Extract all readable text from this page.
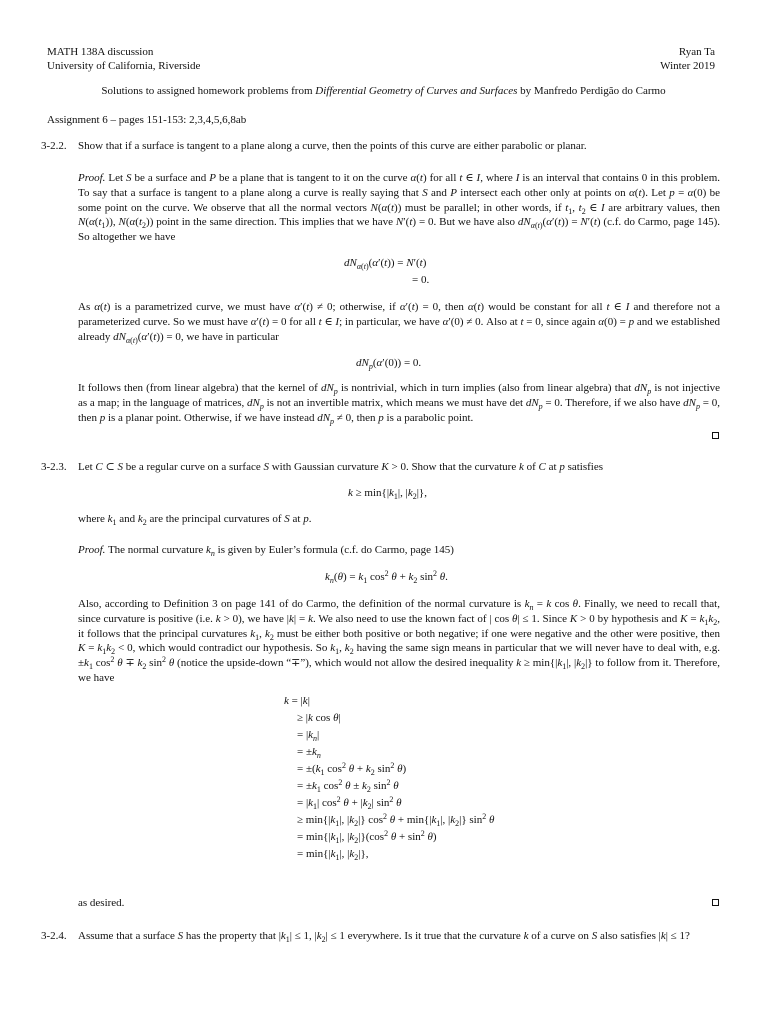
MATH 138A discussion
University of California, Riverside
Ryan Ta
Winter 2019
Solutions to assigned homework problems from Differential Geometry of Curves and Surfaces by Manfredo Perdigão do Carmo
Assignment 6 – pages 151-153: 2,3,4,5,6,8ab
3-2.2. Show that if a surface is tangent to a plane along a curve, then the points of this curve are either parabolic or planar.
Proof. Let S be a surface and P be a plane that is tangent to it on the curve α(t) for all t ∈ I, where I is an interval that contains 0 in this problem. To say that a surface is tangent to a plane along a curve is really saying that S and P intersect each other only at points on α(t). Let p = α(0) be some point on the curve. We observe that all the normal vectors N(α(t)) must be parallel; in other words, if $t_1$, $t_2$ ∈ I are arbitrary values, then $N(\alpha(t_1))$, $N(\alpha(t_2))$ point in the same direction. This implies that we have N′(t) = 0. But we have also $dN_{\alpha(t)}(\alpha'(t)) = N'(t)$ (c.f. do Carmo, page 145). So altogether we have
$dN_{\alpha(t)}(\alpha'(t)) = N'(t)$
= 0.
As α(t) is a parametrized curve, we must have α′(t) ≠ 0; otherwise, if α′(t) = 0, then α(t) would be constant for all t ∈ I and therefore not a parameterized curve. So we must have α′(t) = 0 for all t ∈ I; in particular, we have α′(0) ≠ 0. Also at t = 0, since again α(0) = p and we established already $dN_{\alpha(t)}(\alpha'(t)) = 0$, we have in particular
$dN_p(\alpha'(0)) = 0$.
It follows then (from linear algebra) that the kernel of $dN_p$ is nontrivial, which in turn implies (also from linear algebra) that $dN_p$ is not injective as a map; in the language of matrices, $dN_p$ is not an invertible matrix, which means we must have $\det dN_p = 0$. Therefore, if we also have $dN_p = 0$, then p is a planar point. Otherwise, if we have instead $dN_p \ne 0$, then p is a parabolic point.
3-2.3. Let C ⊂ S be a regular curve on a surface S with Gaussian curvature K > 0. Show that the curvature k of C at p satisfies
$k \ge \min\{|k_1|$, $|k_2|$},
where $k_1$ and $k_2$ are the principal curvatures of S at p.
Proof. The normal curvature $k_n$ is given by Euler’s formula (c.f. do Carmo, page 145)
$k_n(\theta) = k_1$ $\cos^2 \theta + k_2$ $\sin^2 \theta$.
Also, according to Definition 3 on page 141 of do Carmo, the definition of the normal curvature is $k_n = k$ cos θ. Finally, we need to recall that, since curvature is positive (i.e. k > 0), we have |k| = k. We also need to use the known fact of | cos θ| ≤ 1. Since K > 0 by hypothesis and $K = k_1k_2$, it follows that the principal curvatures $k_1$, $k_2$ must be either both positive or both negative; if one were negative and the other were positive, then $K = k_1k_2 < 0$, which would contradict our hypothesis. So $k_1$, $k_2$ having the same sign means in particular that we will never have to deal with, e.g. $\pm k_1$ $\cos^2 \theta \mp k_2$ $\sin^2 \theta$ (notice the upside-down “∓”), which would not allow the desired inequality $k \ge \min\{|k_1|$, $|k_2|$} to follow from it. Therefore, we have
k = |k|
≥ |k cos θ|
= $|k_n|$
= $\pm k_n$
= $\pm(k_1$ $\cos^2 \theta + k_2$ $\sin^2 \theta$)
= $\pm k_1$ $\cos^2 \theta \pm k_2$ $\sin^2 \theta$
= $|k_1|$ $\cos^2 \theta + |k_2|$ $\sin^2 \theta$
≥ $\min\{|k_1|$, $|k_2|$} $\cos^2 \theta + \min\{|k_1|$, $|k_2|$} $\sin^2 \theta$
= $\min\{|k_1|$, $|k_2|\}(\cos^2$ $\theta + \sin^2 \theta$)
= $\min\{|k_1|$, $|k_2|$},
as desired.
3-2.4. Assume that a surface S has the property that $|k_1| \le 1$, $|k_2| \le 1$ everywhere. Is it true that the curvature k of a curve on S also satisfies |k| ≤ 1?
